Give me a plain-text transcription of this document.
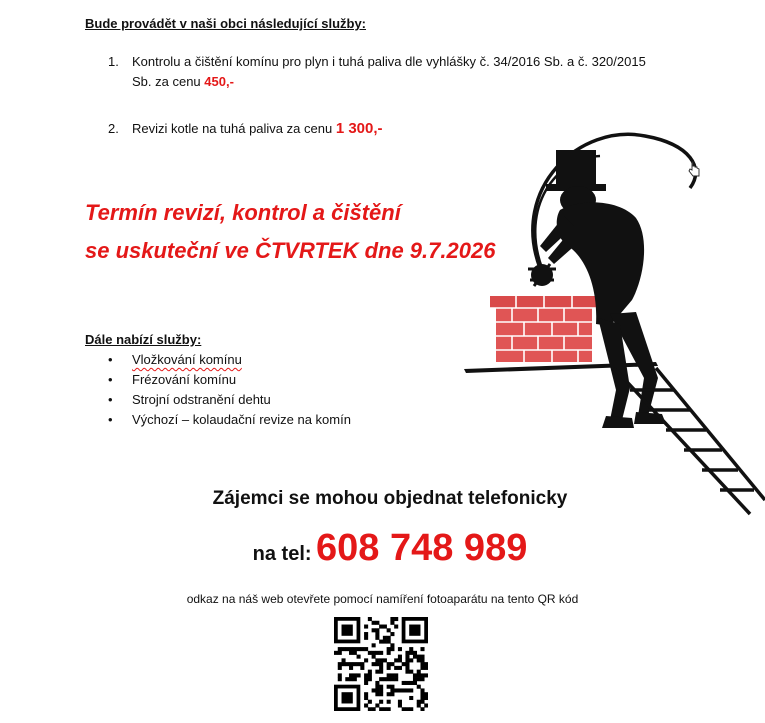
Bude provádět v naši obci následující služby:
1.	Kontrolu a čištění komínu pro plyn i tuhá paliva dle vyhlášky č. 34/2016 Sb. a č. 320/2015 Sb. za cenu 450,-
2.	Revizi kotle na tuhá paliva za cenu 1 300,-
Termín revizí, kontrol a čištění
se uskuteční ve ČTVRTEK dne 9.7.2026
Dále nabízí služby:
• Vložkování komínu
• Frézování komínu
• Strojní odstranění dehtu
• Výchozí – kolaudační revize na komín
Zájemci se mohou objednat telefonicky
na tel: 608 748 989
odkaz na náš web otevřete pomocí namíření fotoaparátu na tento QR kód
